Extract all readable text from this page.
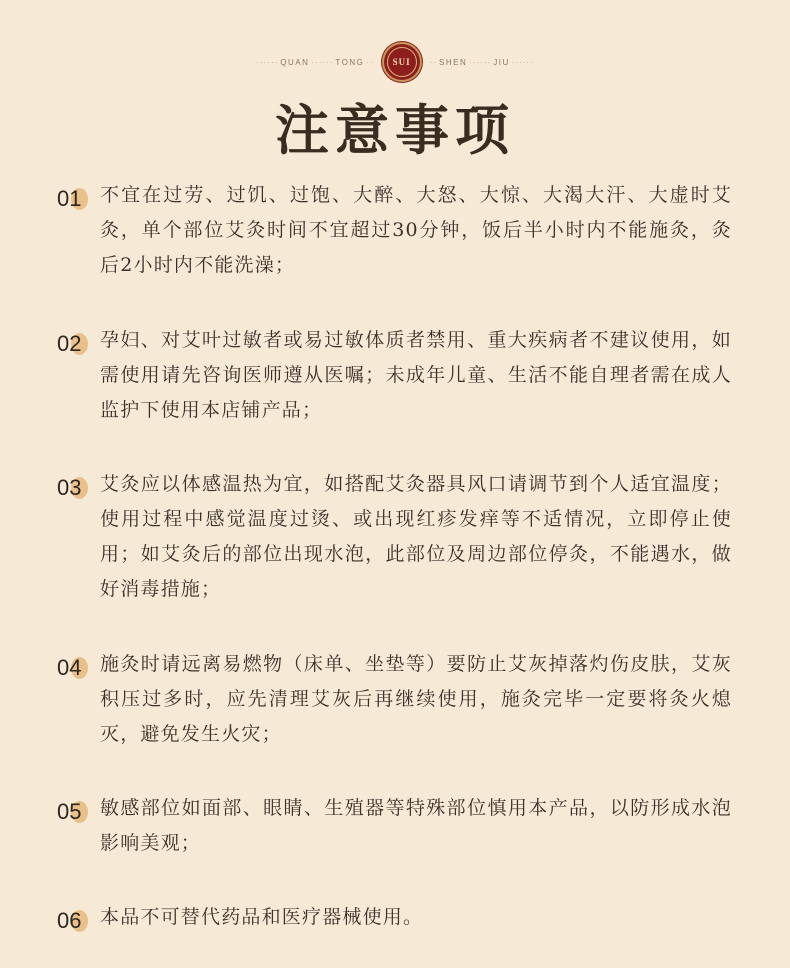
······ QUAN ······ TONG ·· SUI ·· SHEN ······ JIU ······
注意事项
01 不宜在过劳、过饥、过饱、大醉、大怒、大惊、大渴大汗、大虚时艾灸，单个部位艾灸时间不宜超过30分钟，饭后半小时内不能施灸，灸后2小时内不能洗澡；

02 孕妇、对艾叶过敏者或易过敏体质者禁用、重大疾病者不建议使用，如需使用请先咨询医师遵从医嘱；未成年儿童、生活不能自理者需在成人监护下使用本店铺产品；

03 艾灸应以体感温热为宜，如搭配艾灸器具风口请调节到个人适宜温度；使用过程中感觉温度过烫、或出现红疹发痒等不适情况，立即停止使用；如艾灸后的部位出现水泡，此部位及周边部位停灸，不能遇水，做好消毒措施；

04 施灸时请远离易燃物（床单、坐垫等）要防止艾灰掉落灼伤皮肤，艾灰积压过多时，应先清理艾灰后再继续使用，施灸完毕一定要将灸火熄灭，避免发生火灾；

05 敏感部位如面部、眼睛、生殖器等特殊部位慎用本产品，以防形成水泡影响美观；

06 本品不可替代药品和医疗器械使用。
